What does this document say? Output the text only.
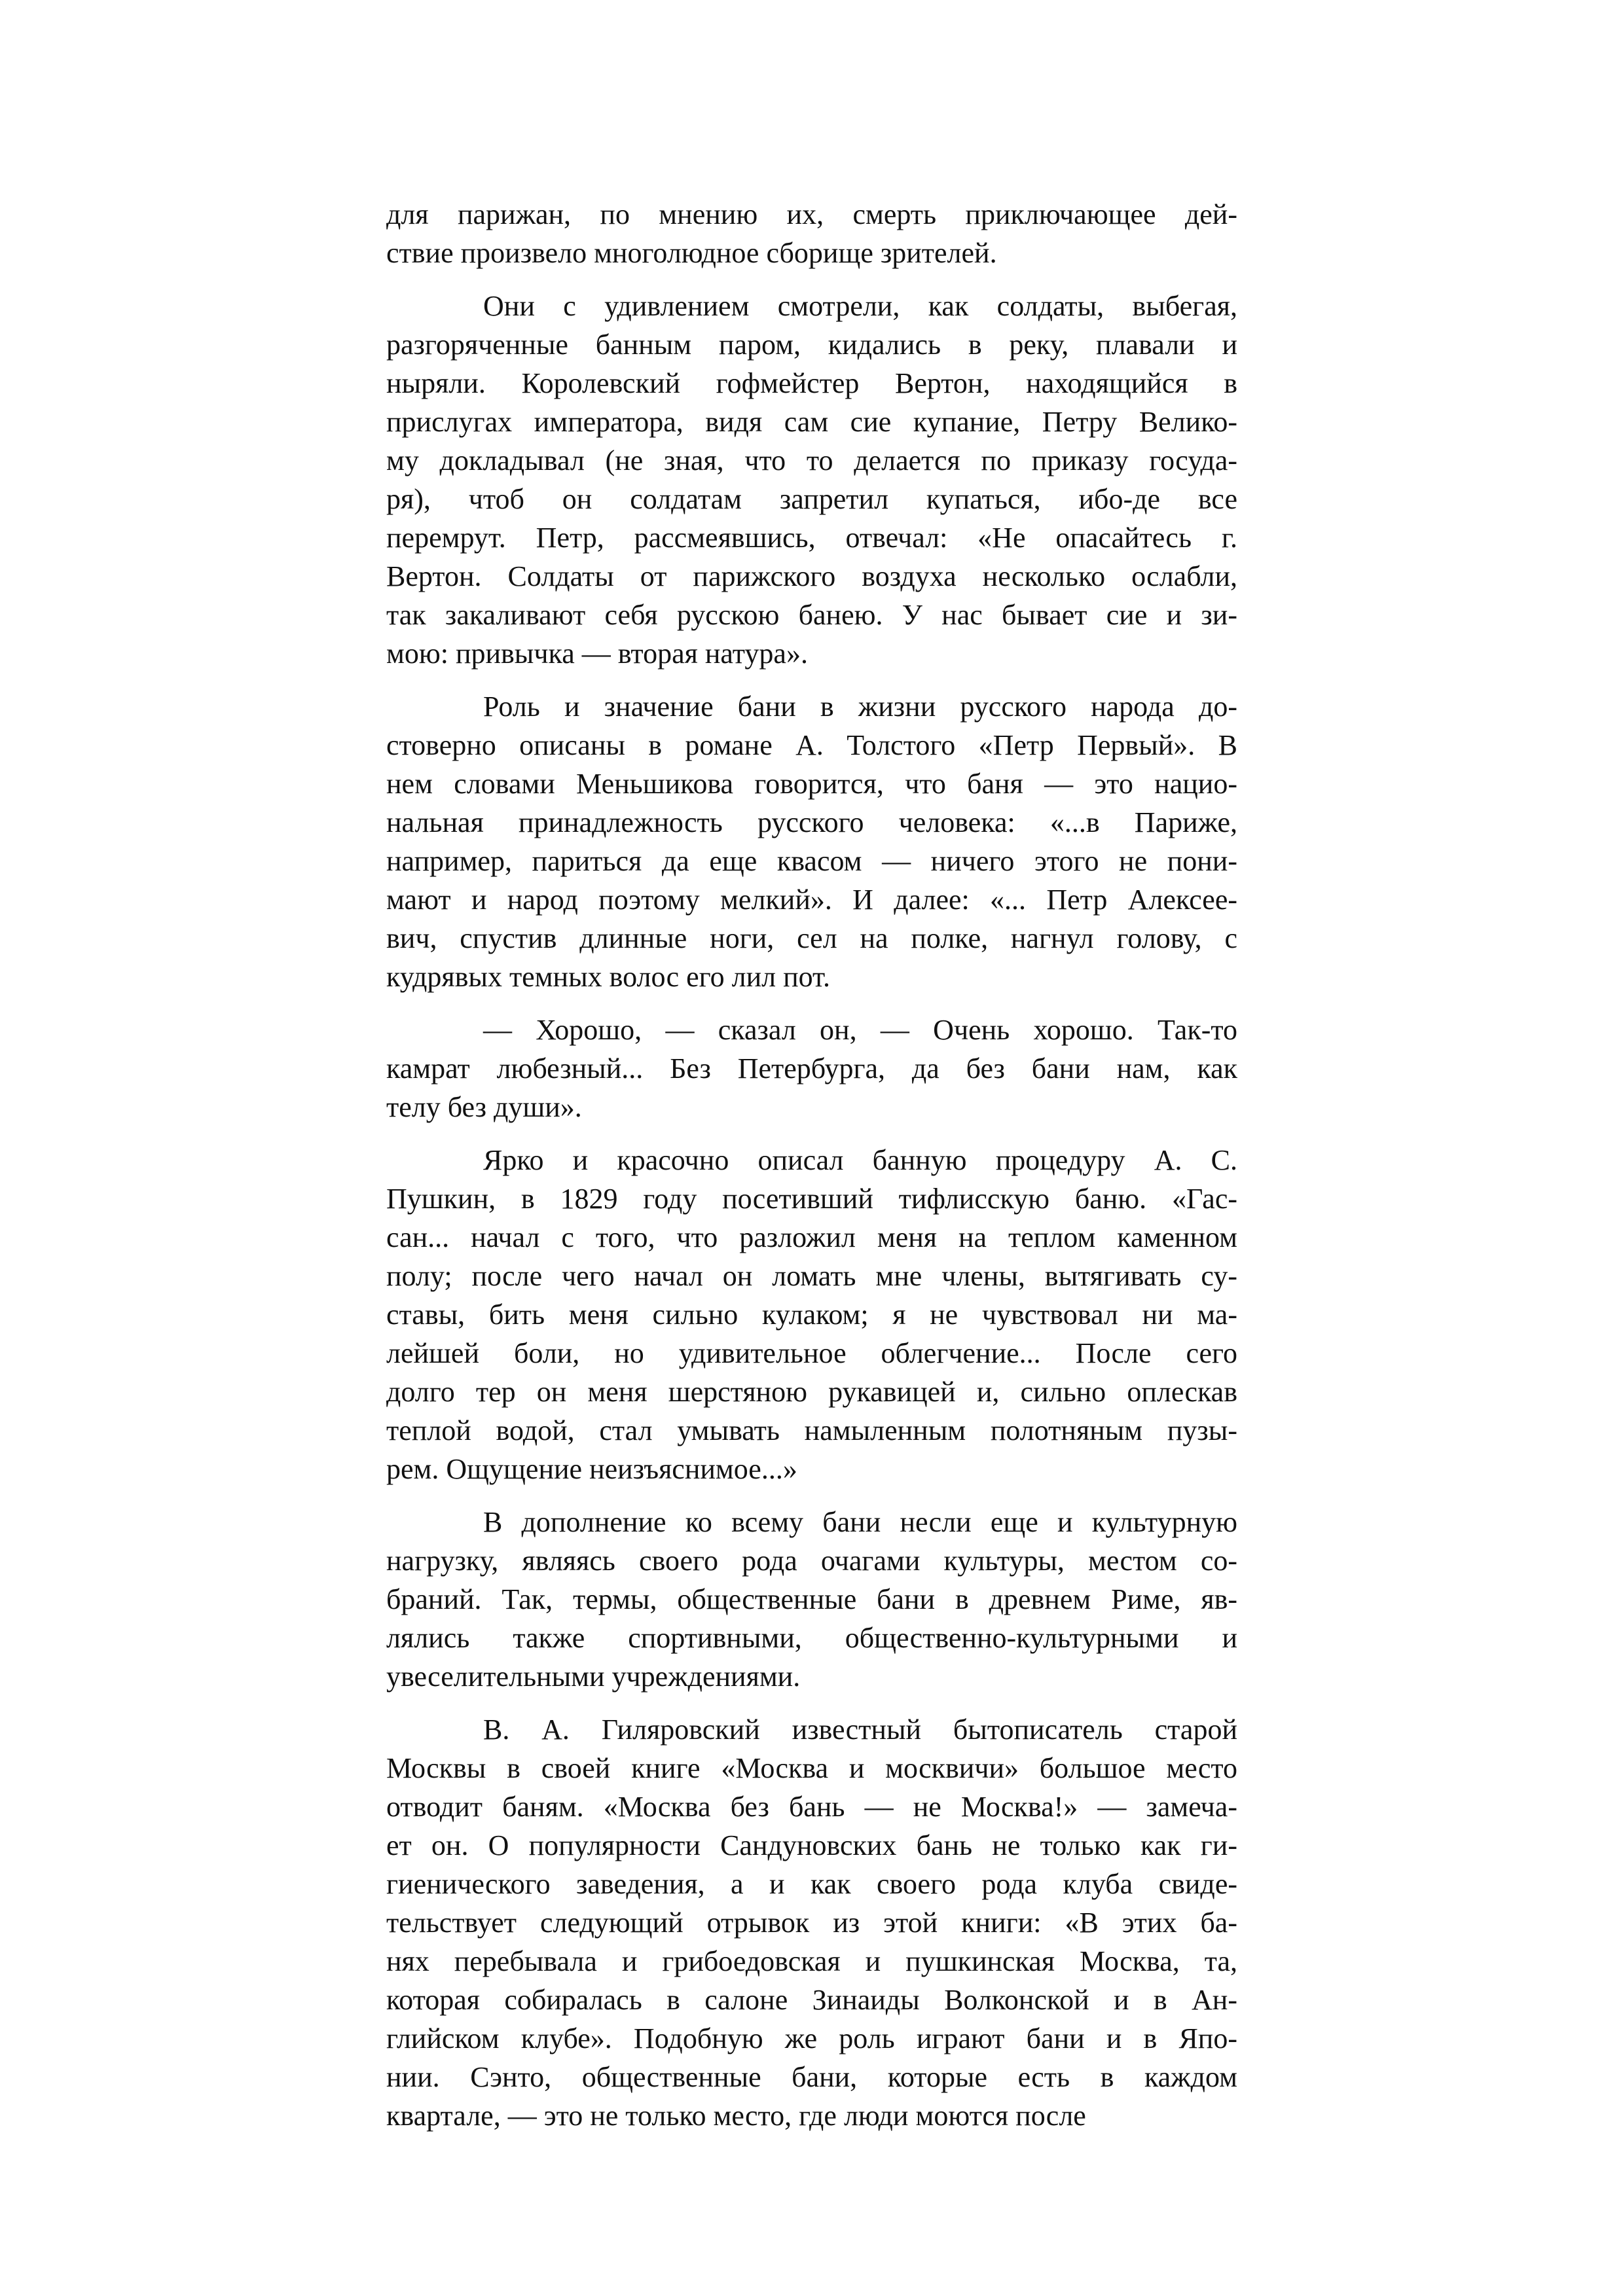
для парижан, по мнению их, смерть приключающее дей-
ствие произвело многолюдное сборище зрителей.
Они с удивлением смотрели, как солдаты, выбегая,
разгоряченные банным паром, кидались в реку, плавали и
ныряли. Королевский гофмейстер Вертон, находящийся в
прислугах императора, видя сам сие купание, Петру Велико-
му докладывал (не зная, что то делается по приказу госуда-
ря), чтоб он солдатам запретил купаться, ибо-де все
перемрут. Петр, рассмеявшись, отвечал: «Не опасайтесь г.
Вертон. Солдаты от парижского воздуха несколько ослабли,
так закаливают себя русскою банею. У нас бывает сие и зи-
мою: привычка — вторая натура».
Роль и значение бани в жизни русского народа до-
стоверно описаны в романе А. Толстого «Петр Первый». В
нем словами Меньшикова говорится, что баня — это нацио-
нальная принадлежность русского человека: «...в Париже,
например, париться да еще квасом — ничего этого не пони-
мают и народ поэтому мелкий». И далее: «... Петр Алексее-
вич, спустив длинные ноги, сел на полке, нагнул голову, с
кудрявых темных волос его лил пот.
— Хорошо, — сказал он, — Очень хорошо. Так-то
камрат любезный... Без Петербурга, да без бани нам, как
телу без души».
Ярко и красочно описал банную процедуру А. С.
Пушкин, в 1829 году посетивший тифлисскую баню. «Гас-
сан... начал с того, что разложил меня на теплом каменном
полу; после чего начал он ломать мне члены, вытягивать су-
ставы, бить меня сильно кулаком; я не чувствовал ни ма-
лейшей боли, но удивительное облегчение... После сего
долго тер он меня шерстяною рукавицей и, сильно оплескав
теплой водой, стал умывать намыленным полотняным пузы-
рем. Ощущение неизъяснимое...»
В дополнение ко всему бани несли еще и культурную
нагрузку, являясь своего рода очагами культуры, местом со-
браний. Так, термы, общественные бани в древнем Риме, яв-
лялись также спортивными, общественно-культурными и
увеселительными учреждениями.
В. А. Гиляровский известный бытописатель старой
Москвы в своей книге «Москва и москвичи» большое место
отводит баням. «Москва без бань — не Москва!» — замеча-
ет он. О популярности Сандуновских бань не только как ги-
гиенического заведения, а и как своего рода клуба свиде-
тельствует следующий отрывок из этой книги: «В этих ба-
нях перебывала и грибоедовская и пушкинская Москва, та,
которая собиралась в салоне Зинаиды Волконской и в Ан-
глийском клубе». Подобную же роль играют бани и в Япо-
нии. Сэнто, общественные бани, которые есть в каждом
квартале, — это не только место, где люди моются после
